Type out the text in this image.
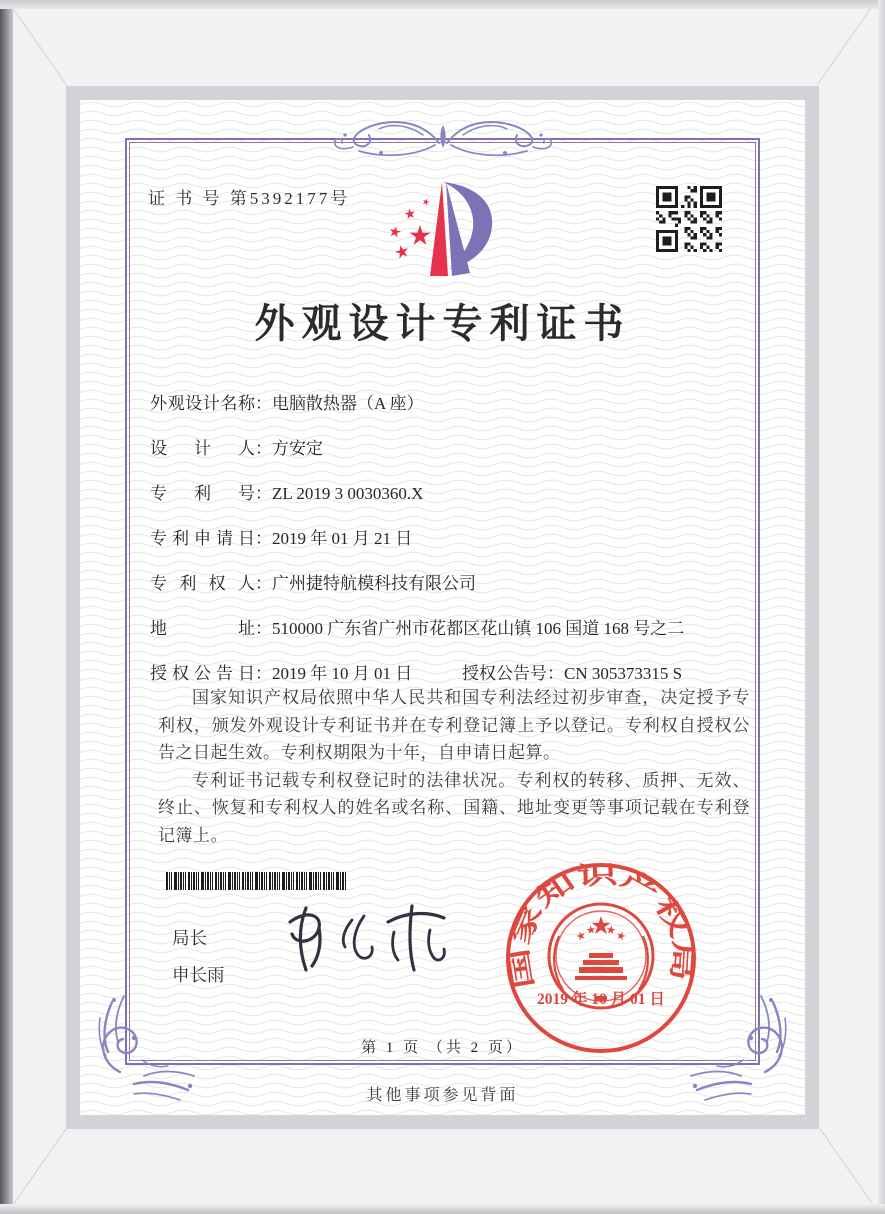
证 书 号 第5392177号
外观设计专利证书
外观设计名称：电脑散热器（A 座）
设计人：方安定
专利号：ZL 2019 3 0030360.X
专利申请日：2019 年 01 月 21 日
专利权人：广州捷特航模科技有限公司
地址：510000 广东省广州市花都区花山镇 106 国道 168 号之二
授权公告日：2019 年 10 月 01 日	授权公告号：CN 305373315 S

国家知识产权局依照中华人民共和国专利法经过初步审查，决定授予专利权，颁发外观设计专利证书并在专利登记簿上予以登记。专利权自授权公告之日起生效。专利权期限为十年，自申请日起算。

专利证书记载专利权登记时的法律状况。专利权的转移、质押、无效、终止、恢复和专利权人的姓名或名称、国籍、地址变更等事项记载在专利登记簿上。

局长
申长雨	国家知识产权局
2019 年 10 月 01 日
第 1 页 （共 2 页）
其他事项参见背面
